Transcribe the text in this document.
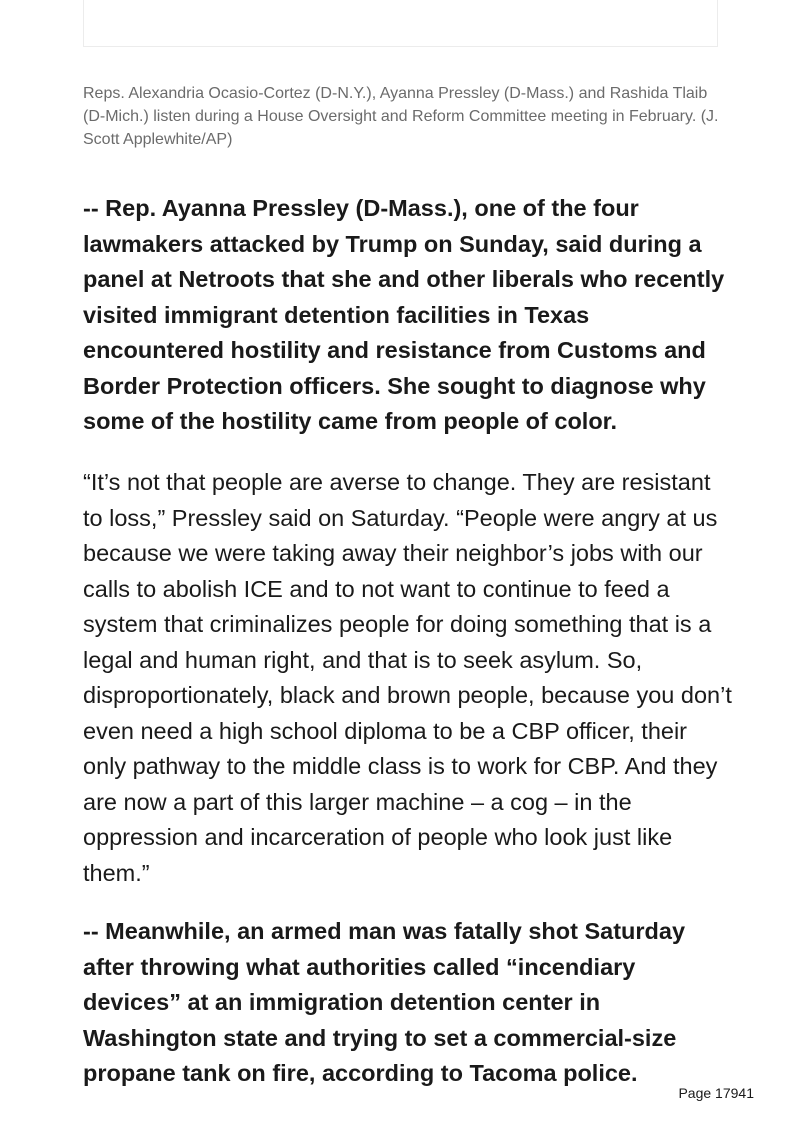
Reps. Alexandria Ocasio-Cortez (D-N.Y.), Ayanna Pressley (D-Mass.) and Rashida Tlaib (D-Mich.) listen during a House Oversight and Reform Committee meeting in February. (J. Scott Applewhite/AP)

-- Rep. Ayanna Pressley (D-Mass.), one of the four lawmakers attacked by Trump on Sunday, said during a panel at Netroots that she and other liberals who recently visited immigrant detention facilities in Texas encountered hostility and resistance from Customs and Border Protection officers. She sought to diagnose why some of the hostility came from people of color.

“It’s not that people are averse to change. They are resistant to loss,” Pressley said on Saturday. “People were angry at us because we were taking away their neighbor’s jobs with our calls to abolish ICE and to not want to continue to feed a system that criminalizes people for doing something that is a legal and human right, and that is to seek asylum. So, disproportionately, black and brown people, because you don’t even need a high school diploma to be a CBP officer, their only pathway to the middle class is to work for CBP. And they are now a part of this larger machine – a cog – in the oppression and incarceration of people who look just like them.”

-- Meanwhile, an armed man was fatally shot Saturday after throwing what authorities called “incendiary devices” at an immigration detention center in Washington state and trying to set a commercial-size propane tank on fire, according to Tacoma police.

Page 17941
